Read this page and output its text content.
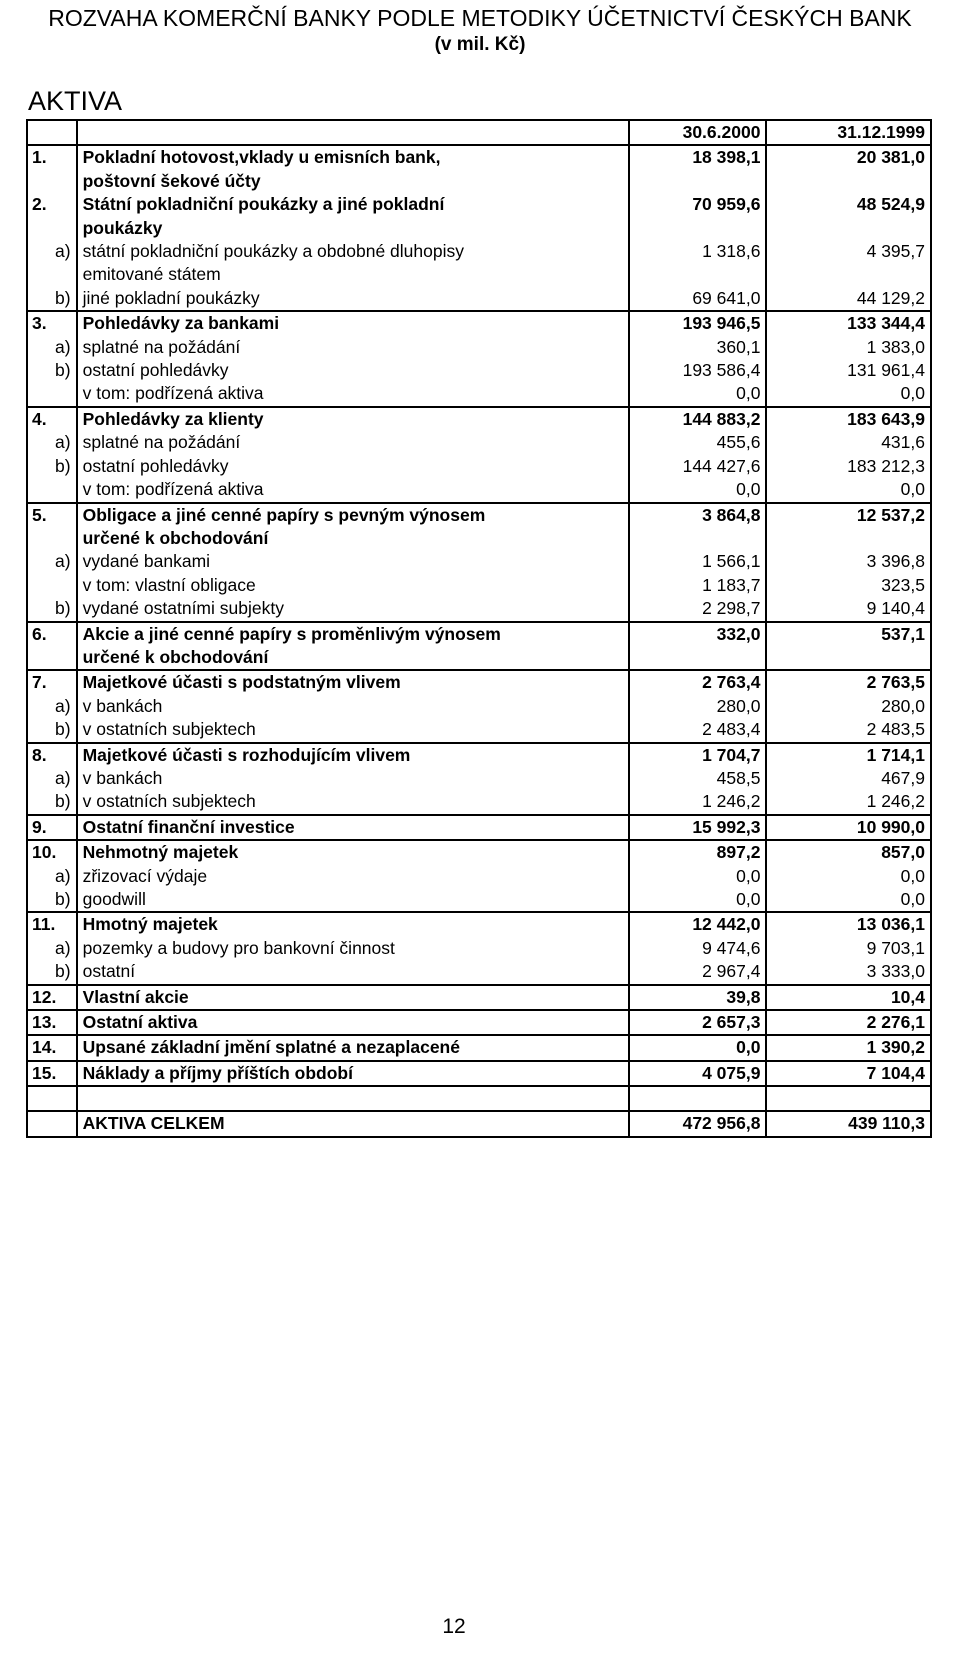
ROZVAHA KOMERČNÍ BANKY PODLE METODIKY ÚČETNICTVÍ ČESKÝCH BANK
(v mil. Kč)
AKTIVA
		30.6.2000	31.12.1999
1.	Pokladní hotovost,vklady u emisních bank,
poštovní šekové účty	18 398,1	20 381,0
2.	Státní pokladniční poukázky a jiné pokladní
poukázky	70 959,6	48 524,9
a)	státní pokladniční poukázky a obdobné dluhopisy
emitované státem	1 318,6	4 395,7
b)	jiné pokladní poukázky	69 641,0	44 129,2
3.	Pohledávky za bankami	193 946,5	133 344,4
a)	splatné na požádání	360,1	1 383,0
b)	ostatní pohledávky	193 586,4	131 961,4

	v tom: podřízená aktiva	0,0	0,0
4.	Pohledávky za klienty	144 883,2	183 643,9
a)	splatné na požádání	455,6	431,6
b)	ostatní pohledávky	144 427,6	183 212,3

	v tom: podřízená aktiva	0,0	0,0
5.	Obligace a jiné cenné papíry s pevným výnosem
určené k obchodování	3 864,8	12 537,2
a)	vydané bankami	1 566,1	3 396,8

	v tom: vlastní obligace	1 183,7	323,5
b)	vydané ostatními subjekty	2 298,7	9 140,4
6.	Akcie a jiné cenné papíry s proměnlivým výnosem
určené k obchodování	332,0	537,1
7.	Majetkové účasti s podstatným vlivem	2 763,4	2 763,5
a)	v bankách	280,0	280,0
b)	v ostatních subjektech	2 483,4	2 483,5
8.	Majetkové účasti s rozhodujícím vlivem	1 704,7	1 714,1
a)	v bankách	458,5	467,9
b)	v ostatních subjektech	1 246,2	1 246,2
9.	Ostatní finanční investice	15 992,3	10 990,0
10.	Nehmotný majetek	897,2	857,0
a)	zřizovací výdaje	0,0	0,0
b)	goodwill	0,0	0,0
11.	Hmotný majetek	12 442,0	13 036,1
a)	pozemky a budovy pro bankovní činnost	9 474,6	9 703,1
b)	ostatní	2 967,4	3 333,0
12.	Vlastní akcie	39,8	10,4
13.	Ostatní aktiva	2 657,3	2 276,1
14.	Upsané základní jmění splatné a nezaplacené	0,0	1 390,2
15.	Náklady a příjmy příštích období	4 075,9	7 104,4

	AKTIVA CELKEM	472 956,8	439 110,3
12
